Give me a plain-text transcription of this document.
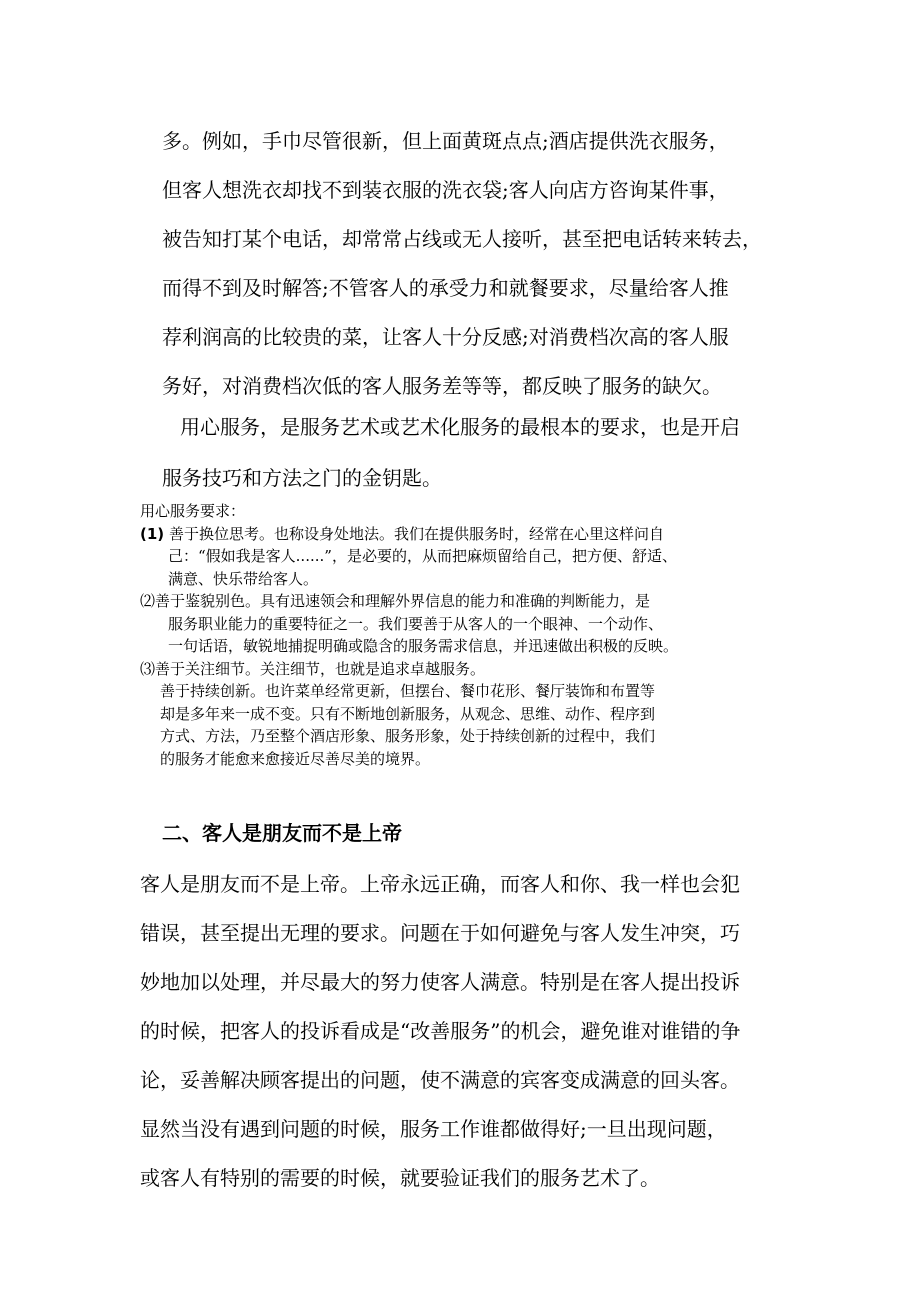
多。例如，手巾尽管很新，但上面黄斑点点;酒店提供洗衣服务，
但客人想洗衣却找不到装衣服的洗衣袋;客人向店方咨询某件事，
被告知打某个电话，却常常占线或无人接听，甚至把电话转来转去，
而得不到及时解答;不管客人的承受力和就餐要求，尽量给客人推
荐利润高的比较贵的菜，让客人十分反感;对消费档次高的客人服
务好，对消费档次低的客人服务差等等，都反映了服务的缺欠。

用心服务，是服务艺术或艺术化服务的最根本的要求，也是开启
服务技巧和方法之门的金钥匙。

用心服务要求：
(1) 善于换位思考。也称设身处地法。我们在提供服务时，经常在心里这样问自
己：“假如我是客人......”，是必要的，从而把麻烦留给自己，把方便、舒适、
满意、快乐带给客人。
⑵善于鉴貌别色。具有迅速领会和理解外界信息的能力和准确的判断能力，是
服务职业能力的重要特征之一。我们要善于从客人的一个眼神、一个动作、
一句话语，敏锐地捕捉明确或隐含的服务需求信息，并迅速做出积极的反映。
⑶善于关注细节。关注细节，也就是追求卓越服务。
善于持续创新。也许菜单经常更新，但摆台、餐巾花形、餐厅装饰和布置等
却是多年来一成不变。只有不断地创新服务，从观念、思维、动作、程序到
方式、方法，乃至整个酒店形象、服务形象，处于持续创新的过程中，我们
的服务才能愈来愈接近尽善尽美的境界。
二、客人是朋友而不是上帝

客人是朋友而不是上帝。上帝永远正确，而客人和你、我一样也会犯
错误，甚至提出无理的要求。问题在于如何避免与客人发生冲突，巧
妙地加以处理，并尽最大的努力使客人满意。特别是在客人提出投诉
的时候，把客人的投诉看成是“改善服务”的机会，避免谁对谁错的争
论，妥善解决顾客提出的问题，使不满意的宾客变成满意的回头客。
显然当没有遇到问题的时候，服务工作谁都做得好;一旦出现问题，
或客人有特别的需要的时候，就要验证我们的服务艺术了。
